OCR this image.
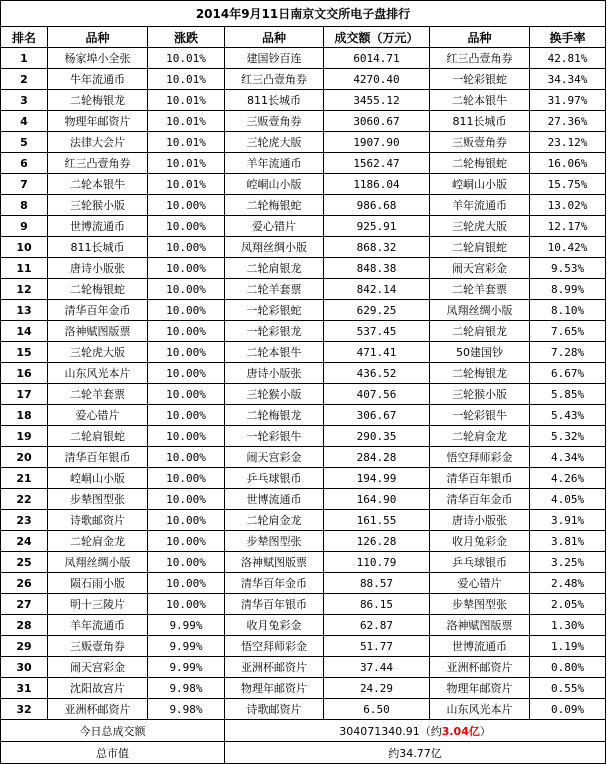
2014年9月11日南京文交所电子盘排行						
排名	品种	涨跌	品种	成交额（万元）	品种	换手率
1	杨家埠小全张	10.01%	建国钞百连	6014.71	红三凸壹角券	42.81%
2	牛年流通币	10.01%	红三凸壹角券	4270.40	一轮彩银蛇	34.34%
3	二轮梅银龙	10.01%	811长城币	3455.12	二轮本银牛	31.97%
4	物理年邮资片	10.01%	三贩壹角券	3060.67	811长城币	27.36%
5	法律大会片	10.01%	三轮虎大版	1907.90	三贩壹角券	23.12%
6	红三凸壹角券	10.01%	羊年流通币	1562.47	二轮梅银蛇	16.06%
7	二轮本银牛	10.01%	崆峒山小版	1186.04	崆峒山小版	15.75%
8	三轮猴小版	10.00%	二轮梅银蛇	986.68	羊年流通币	13.02%
9	世博流通币	10.00%	爱心错片	925.91	三轮虎大版	12.17%
10	811长城币	10.00%	凤翔丝绸小版	868.32	二轮肩银蛇	10.42%
11	唐诗小版张	10.00%	二轮肩银龙	848.38	闹天宫彩金	9.53%
12	二轮梅银蛇	10.00%	二轮羊套票	842.14	二轮羊套票	8.99%
13	清华百年金币	10.00%	一轮彩银蛇	629.25	凤翔丝绸小版	8.10%
14	洛神赋图版票	10.00%	一轮彩银龙	537.45	二轮肩银龙	7.65%
15	三轮虎大版	10.00%	二轮本银牛	471.41	50建国钞	7.28%
16	山东风光本片	10.00%	唐诗小版张	436.52	二轮梅银龙	6.67%
17	二轮羊套票	10.00%	三轮猴小版	407.56	三轮猴小版	5.85%
18	爱心错片	10.00%	二轮梅银龙	306.67	一轮彩银牛	5.43%
19	二轮肩银蛇	10.00%	一轮彩银牛	290.35	二轮肩金龙	5.32%
20	清华百年银币	10.00%	闹天宫彩金	284.28	悟空拜师彩金	4.34%
21	崆峒山小版	10.00%	乒乓球银币	194.99	清华百年银币	4.26%
22	步辇图型张	10.00%	世博流通币	164.90	清华百年金币	4.05%
23	诗歌邮资片	10.00%	二轮肩金龙	161.55	唐诗小版张	3.91%
24	二轮肩金龙	10.00%	步辇图型张	126.28	收月兔彩金	3.81%
25	凤翔丝绸小版	10.00%	洛神赋图版票	110.79	乒乓球银币	3.25%
26	陨石雨小版	10.00%	清华百年金币	88.57	爱心错片	2.48%
27	明十三陵片	10.00%	清华百年银币	86.15	步辇图型张	2.05%
28	羊年流通币	9.99%	收月兔彩金	62.87	洛神赋图版票	1.30%
29	三贩壹角券	9.99%	悟空拜师彩金	51.77	世博流通币	1.19%
30	闹天宫彩金	9.99%	亚洲杯邮资片	37.44	亚洲杯邮资片	0.80%
31	沈阳故宫片	9.98%	物理年邮资片	24.29	物理年邮资片	0.55%
32	亚洲杯邮资片	9.98%	诗歌邮资片	6.50	山东风光本片	0.09%
今日总成交额			304071340.91（约3.04亿）			
总市值			约34.77亿			
